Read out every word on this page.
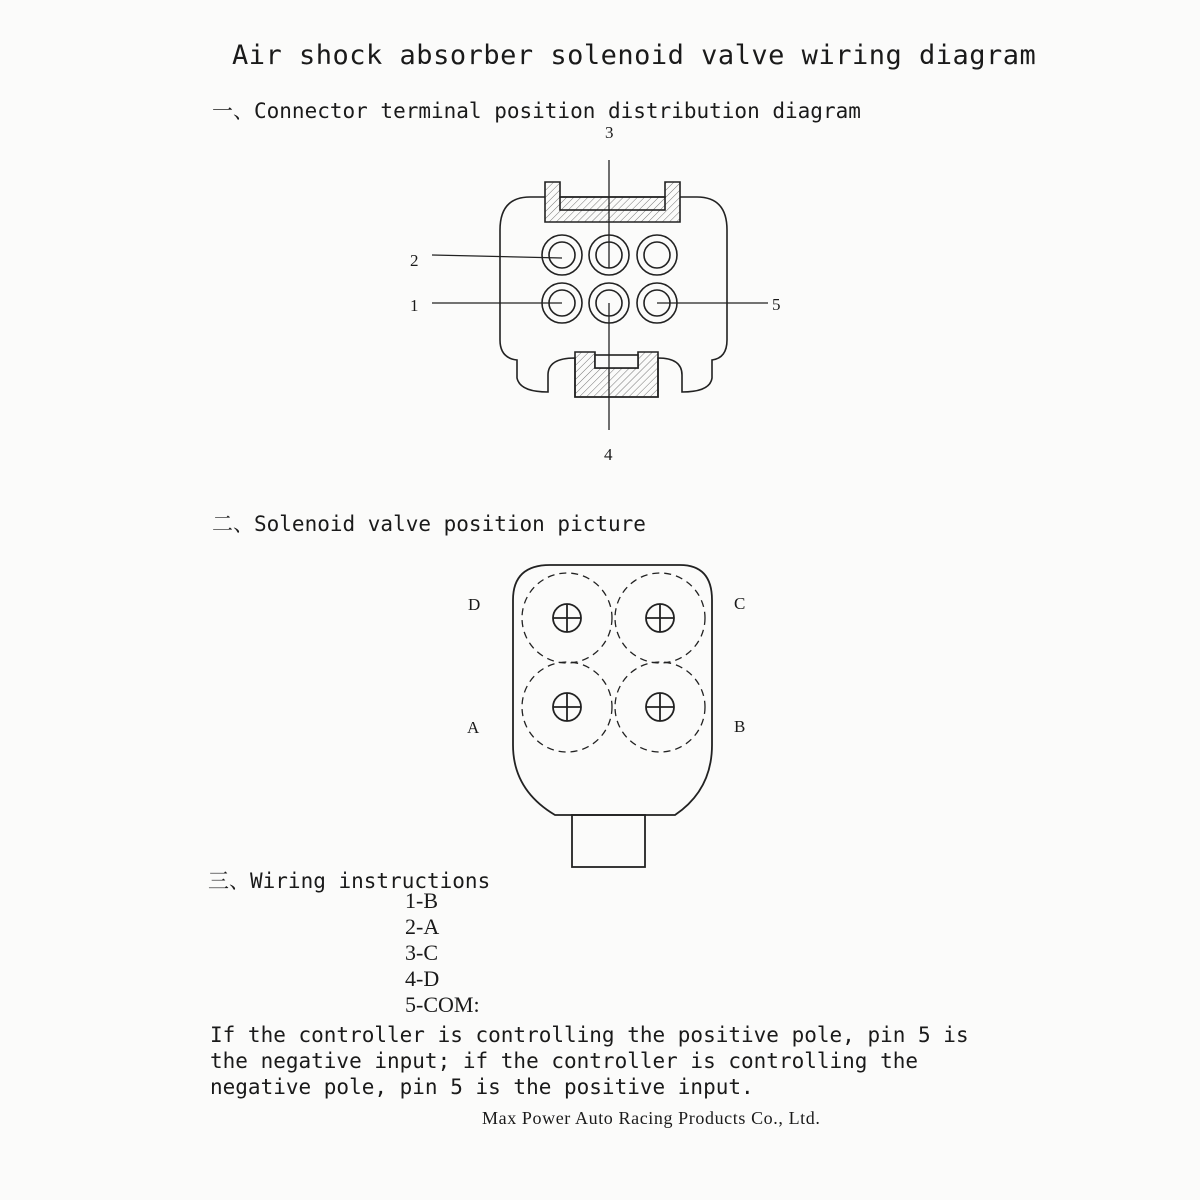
Air shock absorber solenoid valve wiring diagram
一、Connector terminal position distribution diagram
3
2
1	5
4
D	C
A	B
二、Solenoid valve position picture
三、Wiring instructions
1-B
2-A
3-C
4-D
5-COM:
If the controller is controlling the positive pole, pin 5 is
the negative input; if the controller is controlling the
negative pole, pin 5 is the positive input.
Max Power Auto Racing Products Co., Ltd.
